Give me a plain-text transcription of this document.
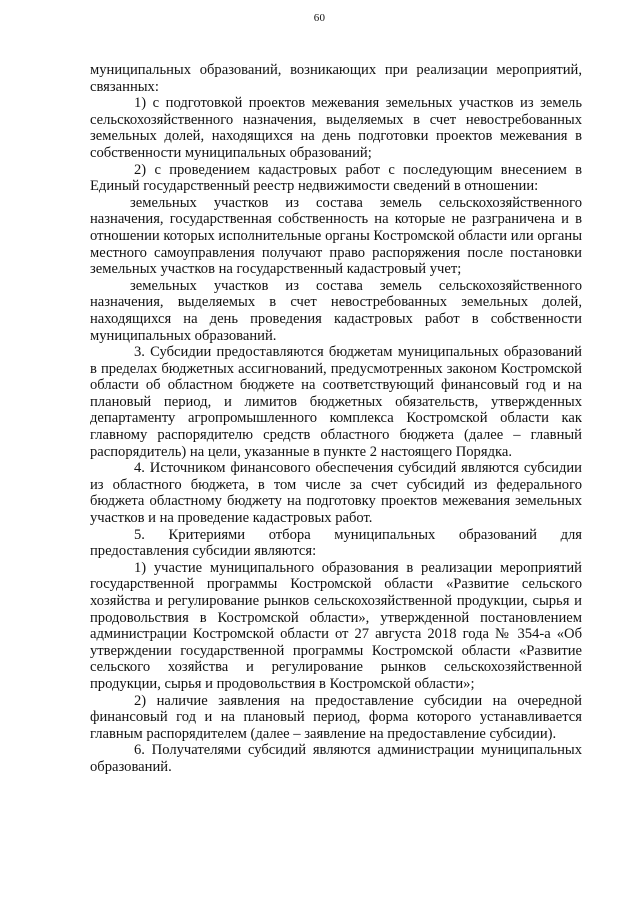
60

муниципальных образований, возникающих при реализации мероприятий, связанных:

1) с подготовкой проектов межевания земельных участков из земель сельскохозяйственного назначения, выделяемых в счет невостребованных земельных долей, находящихся на день подготовки проектов межевания в собственности муниципальных образований;

2) с проведением кадастровых работ с последующим внесением в Единый государственный реестр недвижимости сведений в отношении:

земельных участков из состава земель сельскохозяйственного назначения, государственная собственность на которые не разграничена и в отношении которых исполнительные органы Костромской области или органы местного самоуправления получают право распоряжения после постановки земельных участков на государственный кадастровый учет;

земельных участков из состава земель сельскохозяйственного назначения, выделяемых в счет невостребованных земельных долей, находящихся на день проведения кадастровых работ в собственности муниципальных образований.

3. Субсидии предоставляются бюджетам муниципальных образований в пределах бюджетных ассигнований, предусмотренных законом Костромской области об областном бюджете на соответствующий финансовый год и на плановый период, и лимитов бюджетных обязательств, утвержденных департаменту агропромышленного комплекса Костромской области как главному распорядителю средств областного бюджета (далее – главный распорядитель) на цели, указанные в пункте 2 настоящего Порядка.

4. Источником финансового обеспечения субсидий являются субсидии из областного бюджета, в том числе за счет субсидий из федерального бюджета областному бюджету на подготовку проектов межевания земельных участков и на проведение кадастровых работ.

5. Критериями отбора муниципальных образований для предоставления субсидии являются:

1) участие муниципального образования в реализации мероприятий государственной программы Костромской области «Развитие сельского хозяйства и регулирование рынков сельскохозяйственной продукции, сырья и продовольствия в Костромской области», утвержденной постановлением администрации Костромской области от 27 августа 2018 года № 354-а «Об утверждении государственной программы Костромской области «Развитие сельского хозяйства и регулирование рынков сельскохозяйственной продукции, сырья и продовольствия в Костромской области»;

2) наличие заявления на предоставление субсидии на очередной финансовый год и на плановый период, форма которого устанавливается главным распорядителем (далее – заявление на предоставление субсидии).

6. Получателями субсидий являются администрации муниципальных образований.
